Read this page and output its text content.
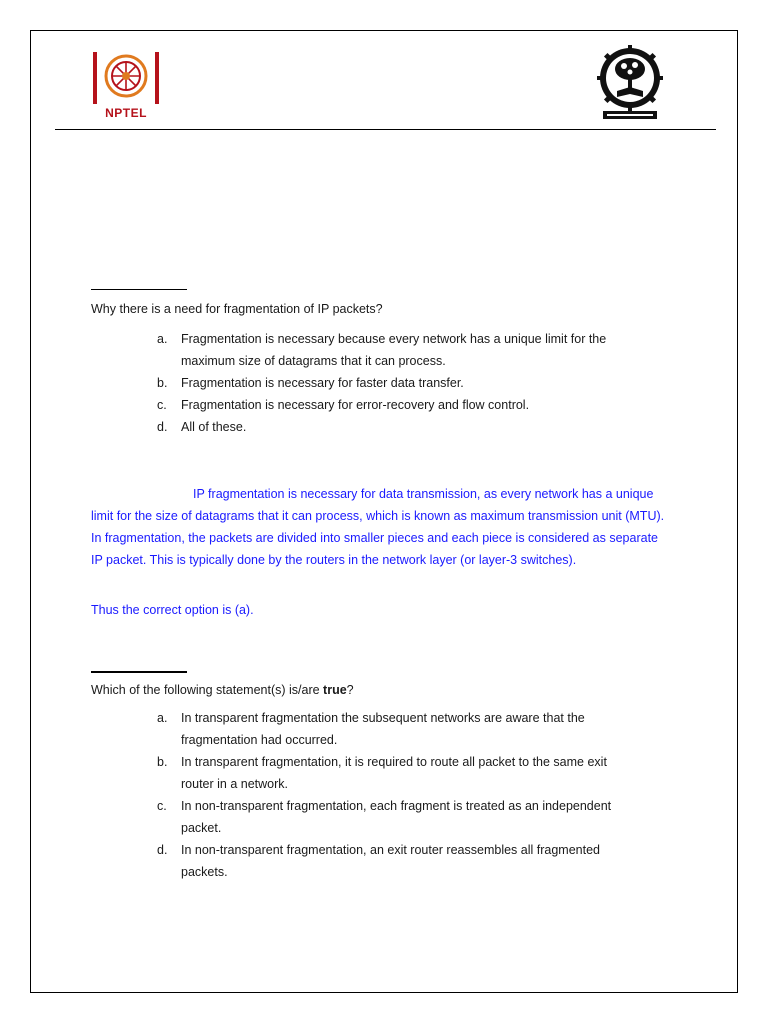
NPTEL
Why there is a need for fragmentation of IP packets?
a. Fragmentation is necessary because every network has a unique limit for the
maximum size of datagrams that it can process.
b. Fragmentation is necessary for faster data transfer.
c. Fragmentation is necessary for error-recovery and flow control.
d. All of these.

IP fragmentation is necessary for data transmission, as every network has a unique limit for the size of datagrams that it can process, which is known as maximum transmission unit (MTU). In fragmentation, the packets are divided into smaller pieces and each piece is considered as separate IP packet. This is typically done by the routers in the network layer (or layer-3 switches).

Thus the correct option is (a).
Which of the following statement(s) is/are true?
a. In transparent fragmentation the subsequent networks are aware that the
fragmentation had occurred.
b. In transparent fragmentation, it is required to route all packet to the same exit
router in a network.
c. In non-transparent fragmentation, each fragment is treated as an independent
packet.
d. In non-transparent fragmentation, an exit router reassembles all fragmented
packets.
